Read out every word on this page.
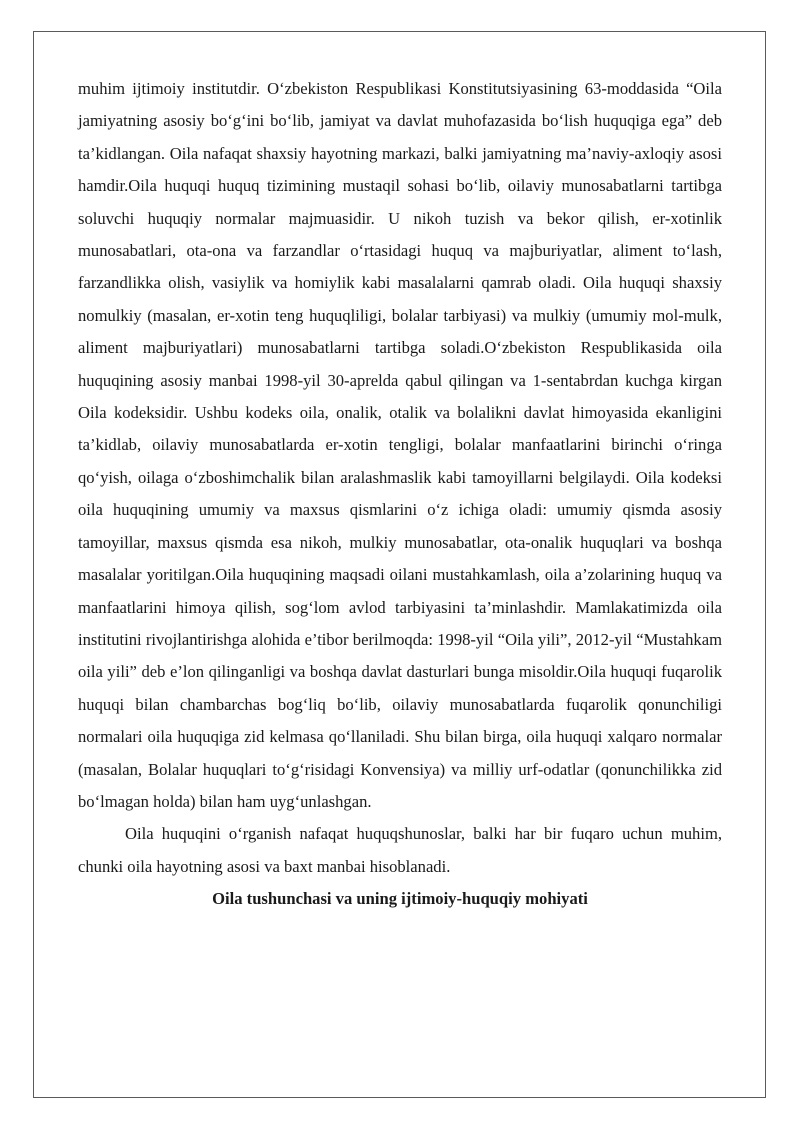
muhim ijtimoiy institutdir. O‘zbekiston Respublikasi Konstitutsiyasining 63-moddasida “Oila jamiyatning asosiy bo‘g‘ini bo‘lib, jamiyat va davlat muhofazasida bo‘lish huquqiga ega” deb ta’kidlangan. Oila nafaqat shaxsiy hayotning markazi, balki jamiyatning ma’naviy-axloqiy asosi hamdir.Oila huquqi huquq tizimining mustaqil sohasi bo‘lib, oilaviy munosabatlarni tartibga soluvchi huquqiy normalar majmuasidir. U nikoh tuzish va bekor qilish, er-xotinlik munosabatlari, ota-ona va farzandlar o‘rtasidagi huquq va majburiyatlar, aliment to‘lash, farzandlikka olish, vasiylik va homiylik kabi masalalarni qamrab oladi. Oila huquqi shaxsiy nomulkiy (masalan, er-xotin teng huquqliligi, bolalar tarbiyasi) va mulkiy (umumiy mol-mulk, aliment majburiyatlari) munosabatlarni tartibga soladi.O‘zbekiston Respublikasida oila huquqining asosiy manbai 1998-yil 30-aprelda qabul qilingan va 1-sentabrdan kuchga kirgan Oila kodeksidir. Ushbu kodeks oila, onalik, otalik va bolalikni davlat himoyasida ekanligini ta’kidlab, oilaviy munosabatlarda er-xotin tengligi, bolalar manfaatlarini birinchi o‘ringa qo‘yish, oilaga o‘zboshimchalik bilan aralashmaslik kabi tamoyillarni belgilaydi. Oila kodeksi oila huquqining umumiy va maxsus qismlarini o‘z ichiga oladi: umumiy qismda asosiy tamoyillar, maxsus qismda esa nikoh, mulkiy munosabatlar, ota-onalik huquqlari va boshqa masalalar yoritilgan.Oila huquqining maqsadi oilani mustahkamlash, oila a’zolarining huquq va manfaatlarini himoya qilish, sog‘lom avlod tarbiyasini ta’minlashdir. Mamlakatimizda oila institutini rivojlantirishga alohida e’tibor berilmoqda: 1998-yil “Oila yili”, 2012-yil “Mustahkam oila yili” deb e’lon qilinganligi va boshqa davlat dasturlari bunga misoldir.Oila huquqi fuqarolik huquqi bilan chambarchas bog‘liq bo‘lib, oilaviy munosabatlarda fuqarolik qonunchiligi normalari oila huquqiga zid kelmasa qo‘llaniladi. Shu bilan birga, oila huquqi xalqaro normalar (masalan, Bolalar huquqlari to‘g‘risidagi Konvensiya) va milliy urf-odatlar (qonunchilikka zid bo‘lmagan holda) bilan ham uyg‘unlashgan.

Oila huquqini o‘rganish nafaqat huquqshunoslar, balki har bir fuqaro uchun muhim, chunki oila hayotning asosi va baxt manbai hisoblanadi.

Oila tushunchasi va uning ijtimoiy-huquqiy mohiyati
